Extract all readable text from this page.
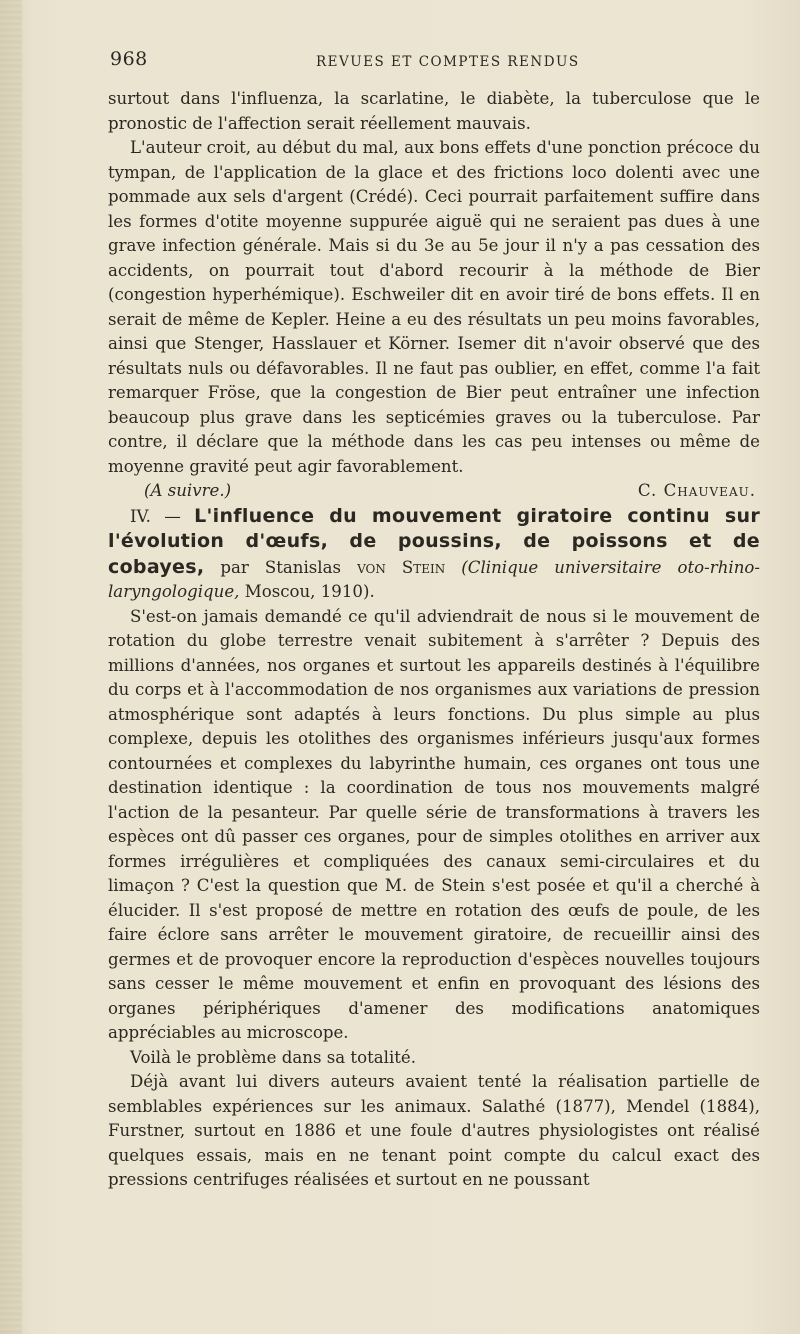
968	REVUES ET COMPTES RENDUS

surtout dans l'influenza, la scarlatine, le diabète, la tuberculose que le pronostic de l'affection serait réellement mauvais.

L'auteur croit, au début du mal, aux bons effets d'une ponction précoce du tympan, de l'application de la glace et des frictions loco dolenti avec une pommade aux sels d'argent (Crédé). Ceci pourrait parfaitement suffire dans les formes d'otite moyenne suppurée aiguë qui ne seraient pas dues à une grave infection générale. Mais si du 3e au 5e jour il n'y a pas cessation des accidents, on pourrait tout d'abord recourir à la méthode de Bier (congestion hyperhémique). Eschweiler dit en avoir tiré de bons effets. Il en serait de même de Kepler. Heine a eu des résultats un peu moins favorables, ainsi que Stenger, Hasslauer et Körner. Isemer dit n'avoir observé que des résultats nuls ou défavorables. Il ne faut pas oublier, en effet, comme l'a fait remarquer Fröse, que la congestion de Bier peut entraîner une infection beaucoup plus grave dans les septicémies graves ou la tuberculose. Par contre, il déclare que la méthode dans les cas peu intenses ou même de moyenne gravité peut agir favorablement.

(A suivre.)	C. Chauveau.

IV. — L'influence du mouvement giratoire continu sur l'évolution d'œufs, de poussins, de poissons et de cobayes, par Stanislas von Stein (Clinique universitaire oto-rhino-laryngologique, Moscou, 1910).

S'est-on jamais demandé ce qu'il adviendrait de nous si le mouvement de rotation du globe terrestre venait subitement à s'arrêter ? Depuis des millions d'années, nos organes et surtout les appareils destinés à l'équilibre du corps et à l'accommodation de nos organismes aux variations de pression atmosphérique sont adaptés à leurs fonctions. Du plus simple au plus complexe, depuis les otolithes des organismes inférieurs jusqu'aux formes contournées et complexes du labyrinthe humain, ces organes ont tous une destination identique : la coordination de tous nos mouvements malgré l'action de la pesanteur. Par quelle série de transformations à travers les espèces ont dû passer ces organes, pour de simples otolithes en arriver aux formes irrégulières et compliquées des canaux semi-circulaires et du limaçon ? C'est la question que M. de Stein s'est posée et qu'il a cherché à élucider. Il s'est proposé de mettre en rotation des œufs de poule, de les faire éclore sans arrêter le mouvement giratoire, de recueillir ainsi des germes et de provoquer encore la reproduction d'espèces nouvelles toujours sans cesser le même mouvement et enfin en provoquant des lésions des organes périphériques d'amener des modifications anatomiques appréciables au microscope.

Voilà le problème dans sa totalité.

Déjà avant lui divers auteurs avaient tenté la réalisation partielle de semblables expériences sur les animaux. Salathé (1877), Mendel (1884), Furstner, surtout en 1886 et une foule d'autres physiologistes ont réalisé quelques essais, mais en ne tenant point compte du calcul exact des pressions centrifuges réalisées et surtout en ne poussant
